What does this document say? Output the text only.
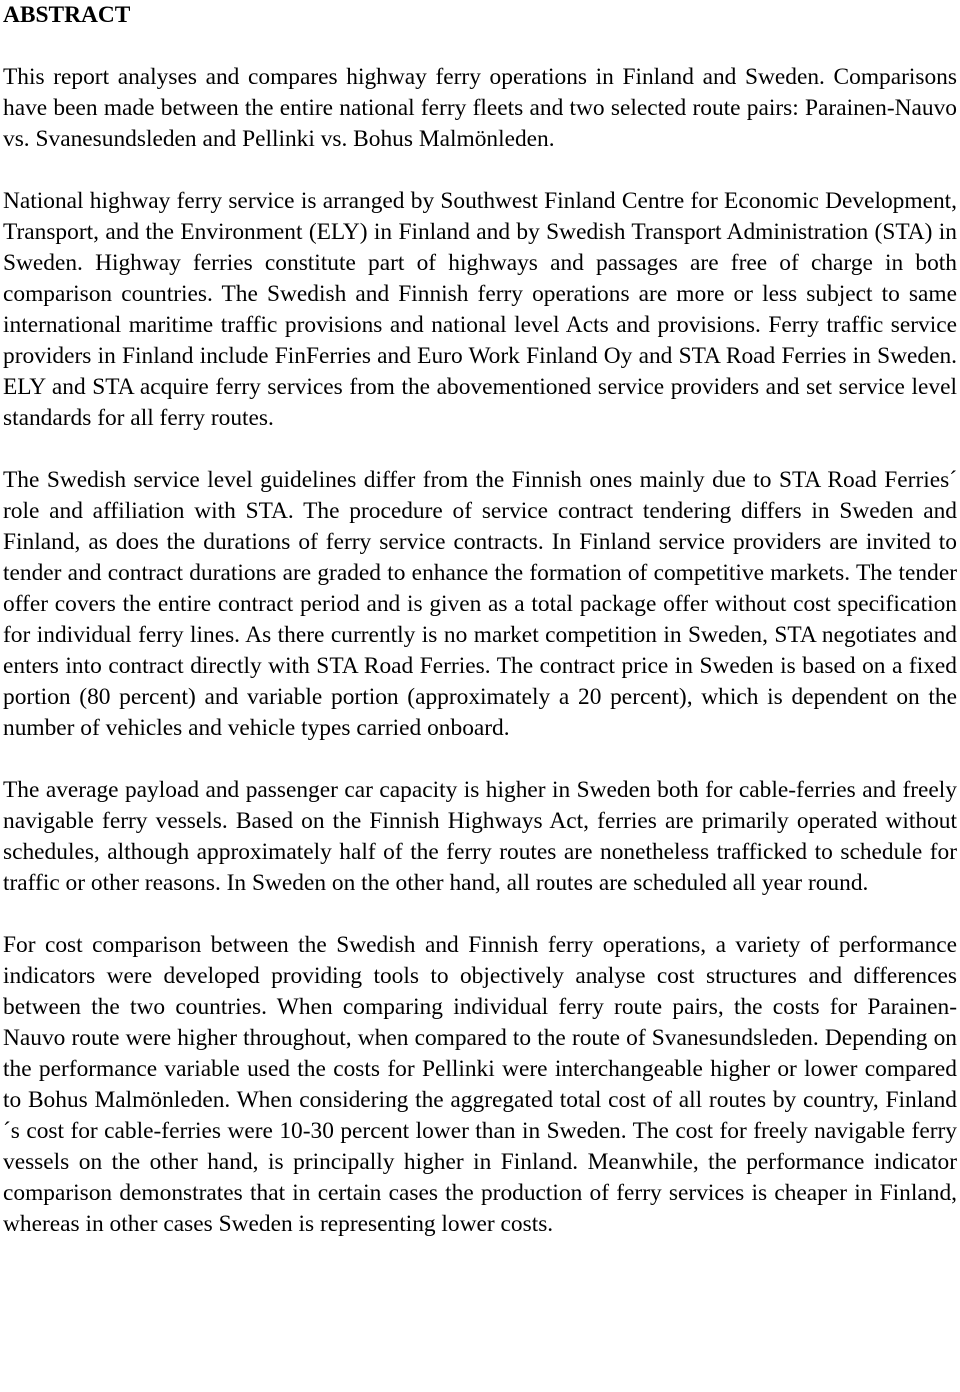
ABSTRACT

This report analyses and compares highway ferry operations in Finland and Sweden. Comparisons have been made between the entire national ferry fleets and two selected route pairs: Parainen-Nauvo vs. Svanesundsleden and Pellinki vs. Bohus Malmönleden.

National highway ferry service is arranged by Southwest Finland Centre for Economic Development, Transport, and the Environment (ELY) in Finland and by Swedish Transport Administration (STA) in Sweden. Highway ferries constitute part of highways and passages are free of charge in both comparison countries. The Swedish and Finnish ferry operations are more or less subject to same international maritime traffic provisions and national level Acts and provisions. Ferry traffic service providers in Finland include FinFerries and Euro Work Finland Oy and STA Road Ferries in Sweden. ELY and STA acquire ferry services from the abovementioned service providers and set service level standards for all ferry routes.

The Swedish service level guidelines differ from the Finnish ones mainly due to STA Road Ferries´ role and affiliation with STA. The procedure of service contract tendering differs in Sweden and Finland, as does the durations of ferry service contracts. In Finland service providers are invited to tender and contract durations are graded to enhance the formation of competitive markets. The tender offer covers the entire contract period and is given as a total package offer without cost specification for individual ferry lines. As there currently is no market competition in Sweden, STA negotiates and enters into contract directly with STA Road Ferries. The contract price in Sweden is based on a fixed portion (80 percent) and variable portion (approximately a 20 percent), which is dependent on the number of vehicles and vehicle types carried onboard.

The average payload and passenger car capacity is higher in Sweden both for cable-ferries and freely navigable ferry vessels. Based on the Finnish Highways Act, ferries are primarily operated without schedules, although approximately half of the ferry routes are nonetheless trafficked to schedule for traffic or other reasons. In Sweden on the other hand, all routes are scheduled all year round.

For cost comparison between the Swedish and Finnish ferry operations, a variety of performance indicators were developed providing tools to objectively analyse cost structures and differences between the two countries. When comparing individual ferry route pairs, the costs for Parainen-Nauvo route were higher throughout, when compared to the route of Svanesundsleden. Depending on the performance variable used the costs for Pellinki were interchangeable higher or lower compared to Bohus Malmönleden. When considering the aggregated total cost of all routes by country, Finland´s cost for cable-ferries were 10-30 percent lower than in Sweden. The cost for freely navigable ferry vessels on the other hand, is principally higher in Finland. Meanwhile, the performance indicator comparison demonstrates that in certain cases the production of ferry services is cheaper in Finland, whereas in other cases Sweden is representing lower costs.
